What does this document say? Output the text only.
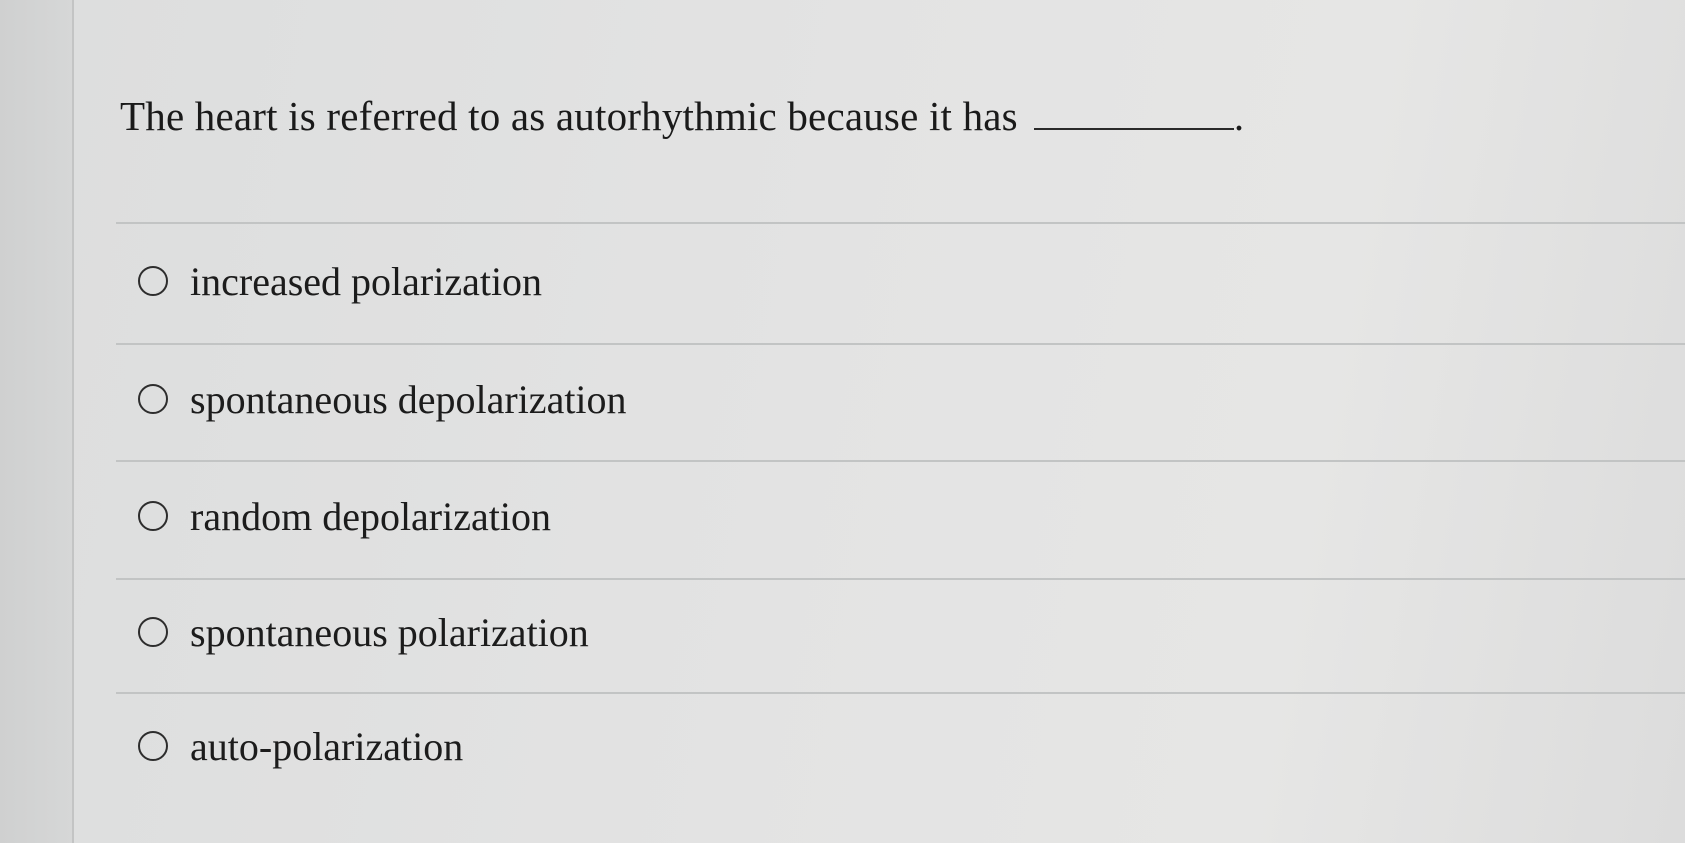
The heart is referred to as autorhythmic because it has	.
increased polarization
spontaneous depolarization
random depolarization
spontaneous polarization
auto-polarization
